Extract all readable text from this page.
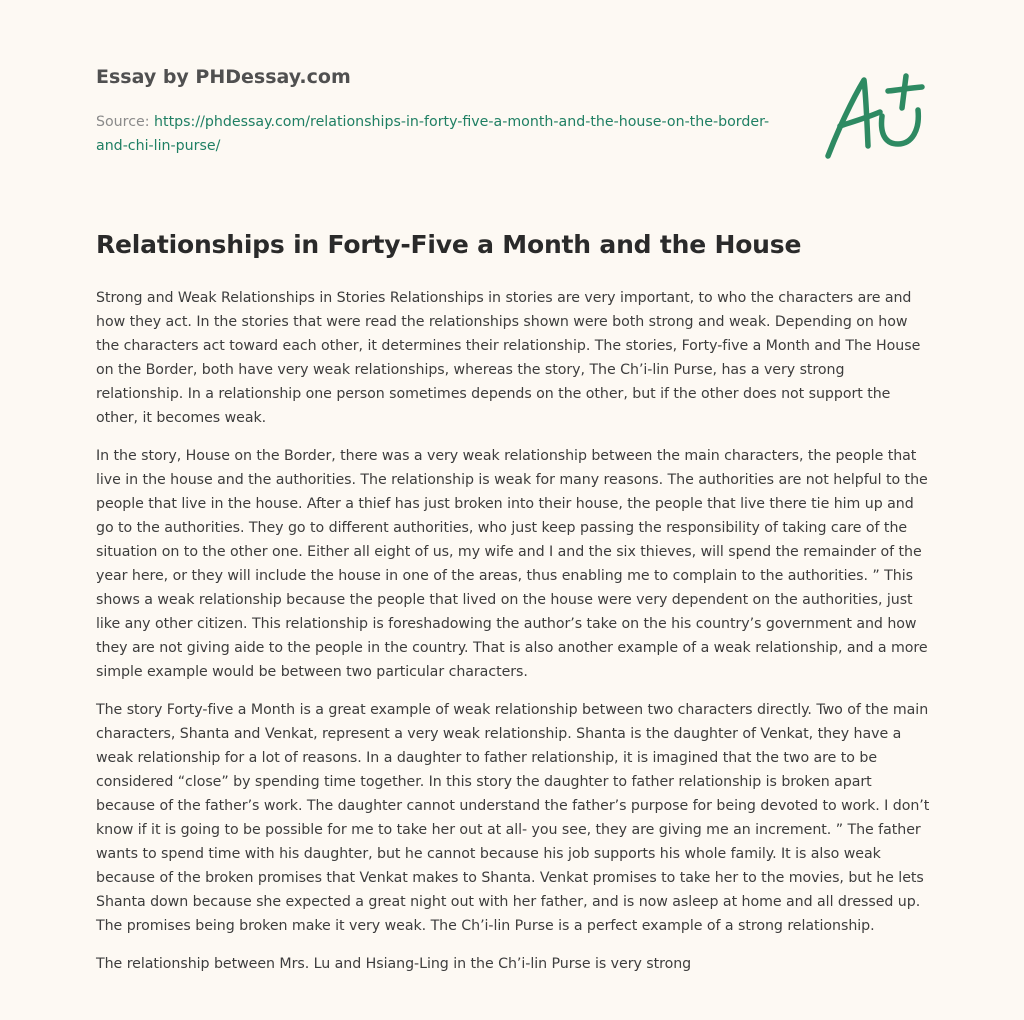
Essay by PHDessay.com
Source: https://phdessay.com/relationships-in-forty-five-a-month-and-the-house-on-the-border-and-chi-lin-purse/
Relationships in Forty-Five a Month and the House

Strong and Weak Relationships in Stories Relationships in stories are very important, to who the characters are and how they act. In the stories that were read the relationships shown were both strong and weak. Depending on how the characters act toward each other, it determines their relationship. The stories, Forty-five a Month and The House on the Border, both have very weak relationships, whereas the story, The Ch’i-lin Purse, has a very strong relationship. In a relationship one person sometimes depends on the other, but if the other does not support the other, it becomes weak.

In the story, House on the Border, there was a very weak relationship between the main characters, the people that live in the house and the authorities. The relationship is weak for many reasons. The authorities are not helpful to the people that live in the house. After a thief has just broken into their house, the people that live there tie him up and go to the authorities. They go to different authorities, who just keep passing the responsibility of taking care of the situation on to the other one. Either all eight of us, my wife and I and the six thieves, will spend the remainder of the year here, or they will include the house in one of the areas, thus enabling me to complain to the authorities. ” This shows a weak relationship because the people that lived on the house were very dependent on the authorities, just like any other citizen. This relationship is foreshadowing the author’s take on the his country’s government and how they are not giving aide to the people in the country. That is also another example of a weak relationship, and a more simple example would be between two particular characters.

The story Forty-five a Month is a great example of weak relationship between two characters directly. Two of the main characters, Shanta and Venkat, represent a very weak relationship. Shanta is the daughter of Venkat, they have a weak relationship for a lot of reasons. In a daughter to father relationship, it is imagined that the two are to be considered “close” by spending time together. In this story the daughter to father relationship is broken apart because of the father’s work. The daughter cannot understand the father’s purpose for being devoted to work. I don’t know if it is going to be possible for me to take her out at all- you see, they are giving me an increment. ” The father wants to spend time with his daughter, but he cannot because his job supports his whole family. It is also weak because of the broken promises that Venkat makes to Shanta. Venkat promises to take her to the movies, but he lets Shanta down because she expected a great night out with her father, and is now asleep at home and all dressed up. The promises being broken make it very weak. The Ch’i-lin Purse is a perfect example of a strong relationship.

The relationship between Mrs. Lu and Hsiang-Ling in the Ch’i-lin Purse is very strong
